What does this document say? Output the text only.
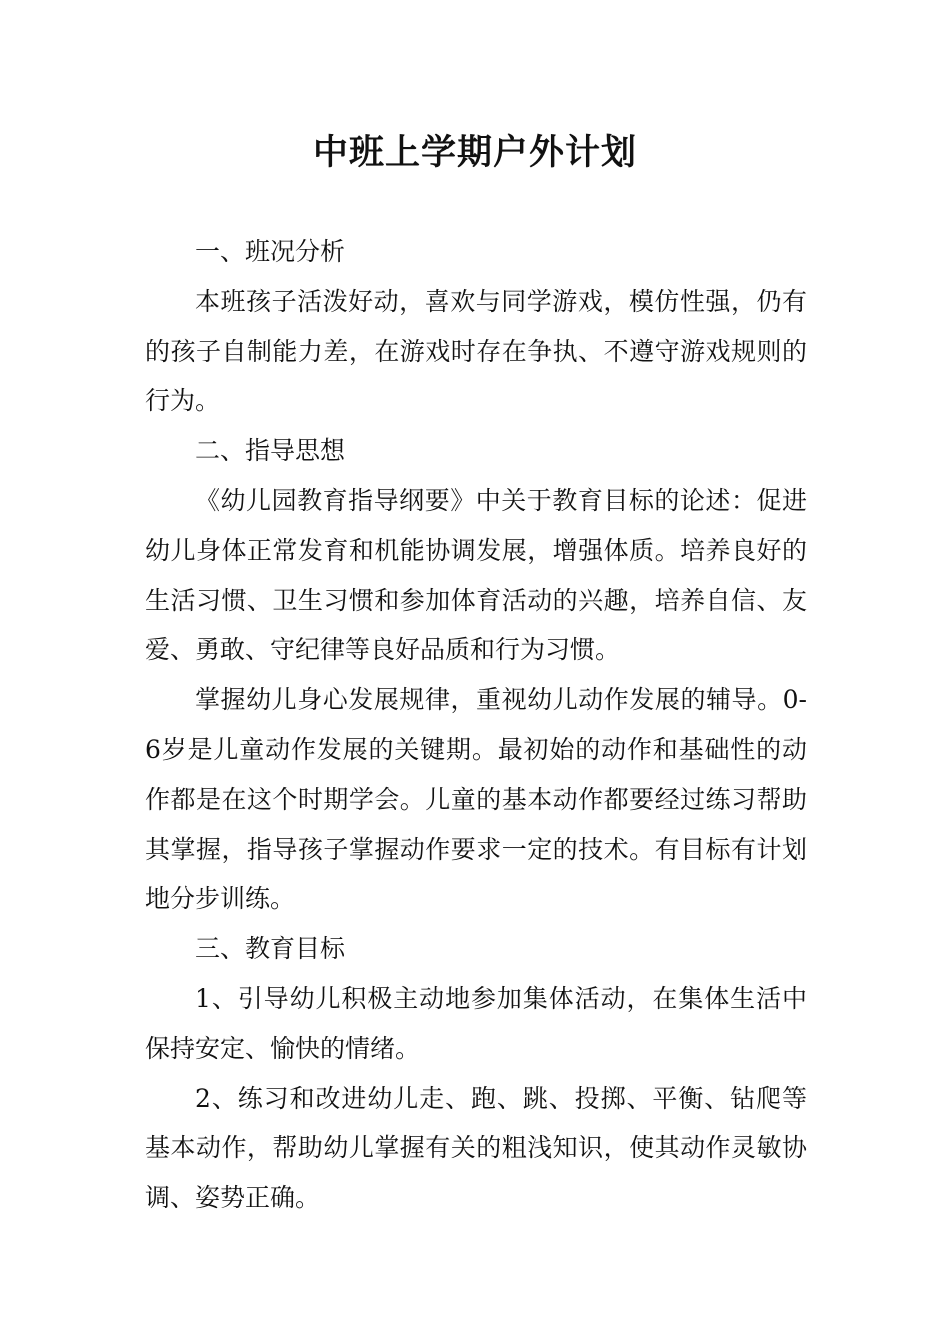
中班上学期户外计划

一、班况分析

本班孩子活泼好动，喜欢与同学游戏，模仿性强，仍有的孩子自制能力差，在游戏时存在争执、不遵守游戏规则的行为。

二、指导思想

《幼儿园教育指导纲要》中关于教育目标的论述：促进幼儿身体正常发育和机能协调发展，增强体质。培养良好的生活习惯、卫生习惯和参加体育活动的兴趣，培养自信、友爱、勇敢、守纪律等良好品质和行为习惯。

掌握幼儿身心发展规律，重视幼儿动作发展的辅导。0-6岁是儿童动作发展的关键期。最初始的动作和基础性的动作都是在这个时期学会。儿童的基本动作都要经过练习帮助其掌握，指导孩子掌握动作要求一定的技术。有目标有计划地分步训练。

三、教育目标

1、引导幼儿积极主动地参加集体活动，在集体生活中保持安定、愉快的情绪。

2、练习和改进幼儿走、跑、跳、投掷、平衡、钻爬等基本动作，帮助幼儿掌握有关的粗浅知识，使其动作灵敏协调、姿势正确。
